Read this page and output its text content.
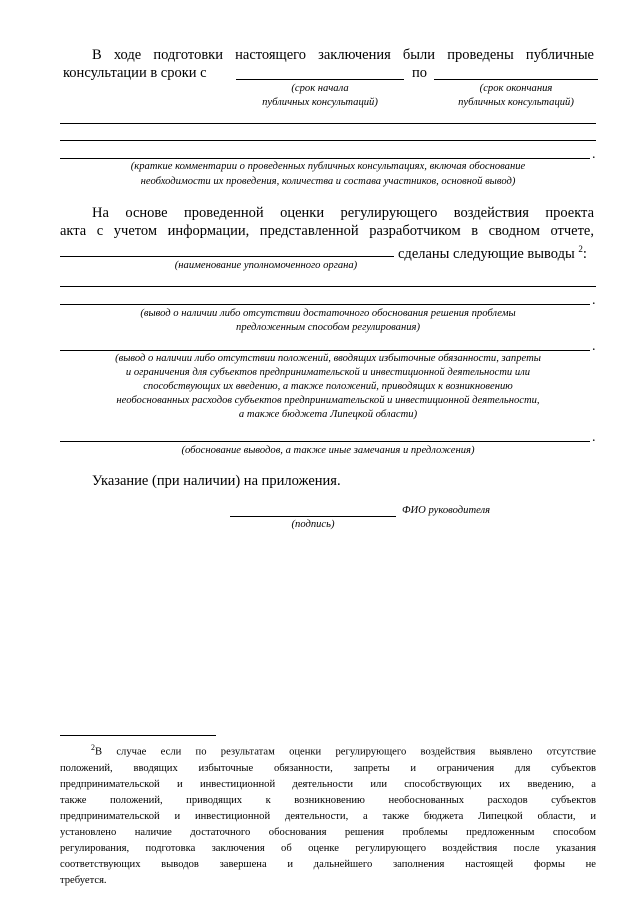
В ходе подготовки настоящего заключения были проведены публичные
консультации в сроки с	по
(срок начала
публичных консультаций)
(срок окончания
публичных консультаций)
.
(краткие комментарии о проведенных публичных консультациях, включая обоснование
необходимости их проведения, количества и состава участников, основной вывод)
На основе проведенной оценки регулирующего воздействия проекта
акта с учетом информации, представленной разработчиком в сводном отчете,
сделаны следующие выводы $^2$:
(наименование уполномоченного органа)
.
(вывод о наличии либо отсутствии достаточного обоснования решения проблемы
предложенным способом регулирования)
.
(вывод о наличии либо отсутствии положений, вводящих избыточные обязанности, запреты
и ограничения для субъектов предпринимательской и инвестиционной деятельности или
способствующих их введению, а также положений, приводящих к возникновению
необоснованных расходов субъектов предпринимательской и инвестиционной деятельности,
а также бюджета Липецкой области)
.
(обоснование выводов, а также иные замечания и предложения)
Указание (при наличии) на приложения.
ФИО руководителя
(подпись)
$^2$В случае если по результатам оценки регулирующего воздействия выявлено отсутствие
положений, вводящих избыточные обязанности, запреты и ограничения для субъектов
предпринимательской и инвестиционной деятельности или способствующих их введению, а
также положений, приводящих к возникновению необоснованных расходов субъектов
предпринимательской и инвестиционной деятельности, а также бюджета Липецкой области, и
установлено наличие достаточного обоснования решения проблемы предложенным способом
регулирования, подготовка заключения об оценке регулирующего воздействия после указания
соответствующих выводов завершена и дальнейшего заполнения настоящей формы не
требуется.
